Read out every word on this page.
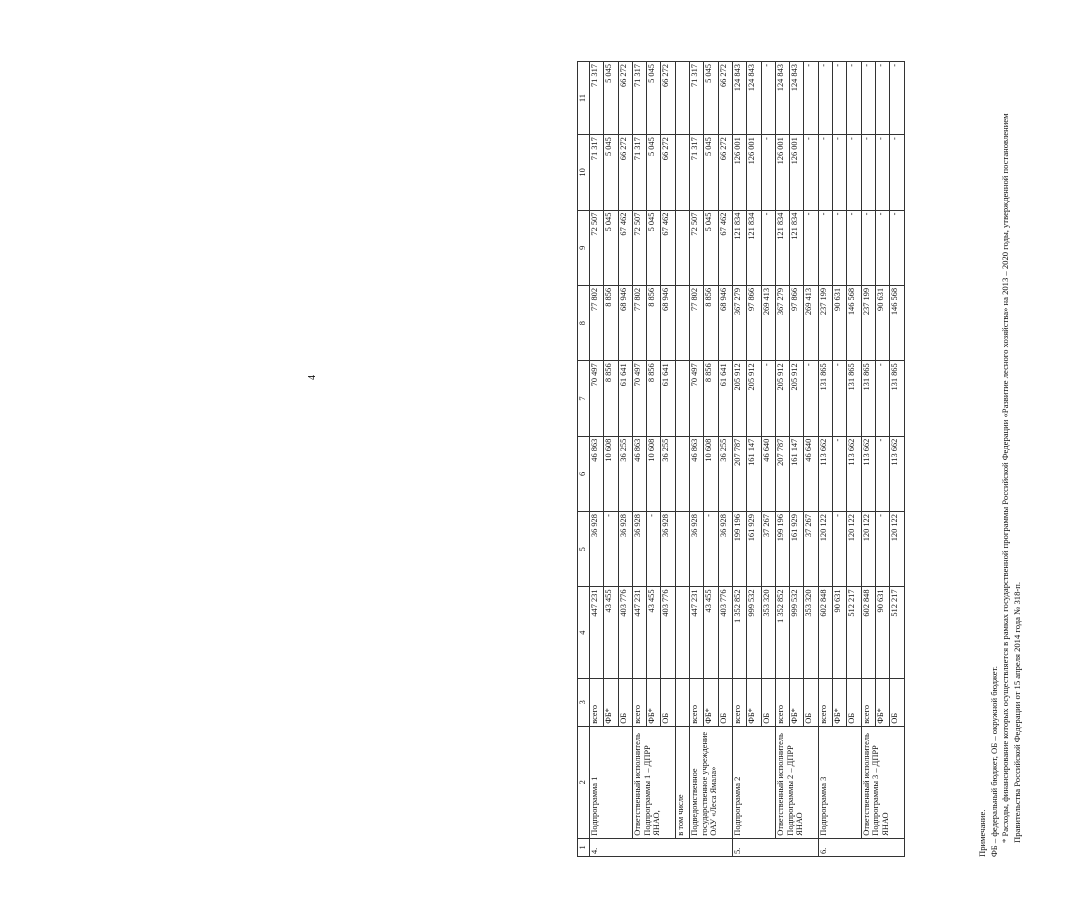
4
1	2	3	4	5	6	7	8	9	10	11
4.	Подпрограмма 1	всего	447 231	36 928	46 863	70 497	77 802	72 507	71 317	71 317
		ФБ*	43 455	-	10 608	8 856	8 856	5 045	5 045	5 045
		ОБ	403 776	36 928	36 255	61 641	68 946	67 462	66 272	66 272
	Ответственный исполнитель Подпрограммы 1 – ДПРР ЯНАО,	всего	447 231	36 928	46 863	70 497	77 802	72 507	71 317	71 317
		ФБ*	43 455	-	10 608	8 856	8 856	5 045	5 045	5 045
		ОБ	403 776	36 928	36 255	61 641	68 946	67 462	66 272	66 272
	в том числе									
	Подведомственное государственное учреждение ОАУ «Леса Ямала»	всего	447 231	36 928	46 863	70 497	77 802	72 507	71 317	71 317
		ФБ*	43 455	-	10 608	8 856	8 856	5 045	5 045	5 045
		ОБ	403 776	36 928	36 255	61 641	68 946	67 462	66 272	66 272
5.	Подпрограмма 2	всего	1 352 852	199 196	207 787	205 912	367 279	121 834	126 001	124 843
		ФБ*	999 532	161 929	161 147	205 912	97 866	121 834	126 001	124 843
		ОБ	353 320	37 267	46 640	-	269 413	-	-	-
	Ответственный исполнитель Подпрограммы 2 – ДПРР ЯНАО	всего	1 352 852	199 196	207 787	205 912	367 279	121 834	126 001	124 843
		ФБ*	999 532	161 929	161 147	205 912	97 866	121 834	126 001	124 843
		ОБ	353 320	37 267	46 640	-	269 413	-	-	-
6.	Подпрограмма 3	всего	602 848	120 122	113 662	131 865	237 199	-	-	-
		ФБ*	90 631	-	-	-	90 631	-	-	-
		ОБ	512 217	120 122	113 662	131 865	146 568	-	-	-
	Ответственный исполнитель Подпрограммы 3 – ДПРР ЯНАО	всего	602 848	120 122	113 662	131 865	237 199	-	-	-
		ФБ*	90 631	-	-	-	90 631	-	-	-
		ОБ	512 217	120 122	113 662	131 865	146 568	-	-	-
Примечание. ФБ – федеральный бюджет, ОБ – окружной бюджет. * Расходы, финансирование которых осуществляется в рамках государственной программы Российской Федерации «Развитие лесного хозяйства» на 2013 – 2020 годы, утвержденной постановлением Правительства Российской Федерации от 15 апреля 2014 года № 318-п.
